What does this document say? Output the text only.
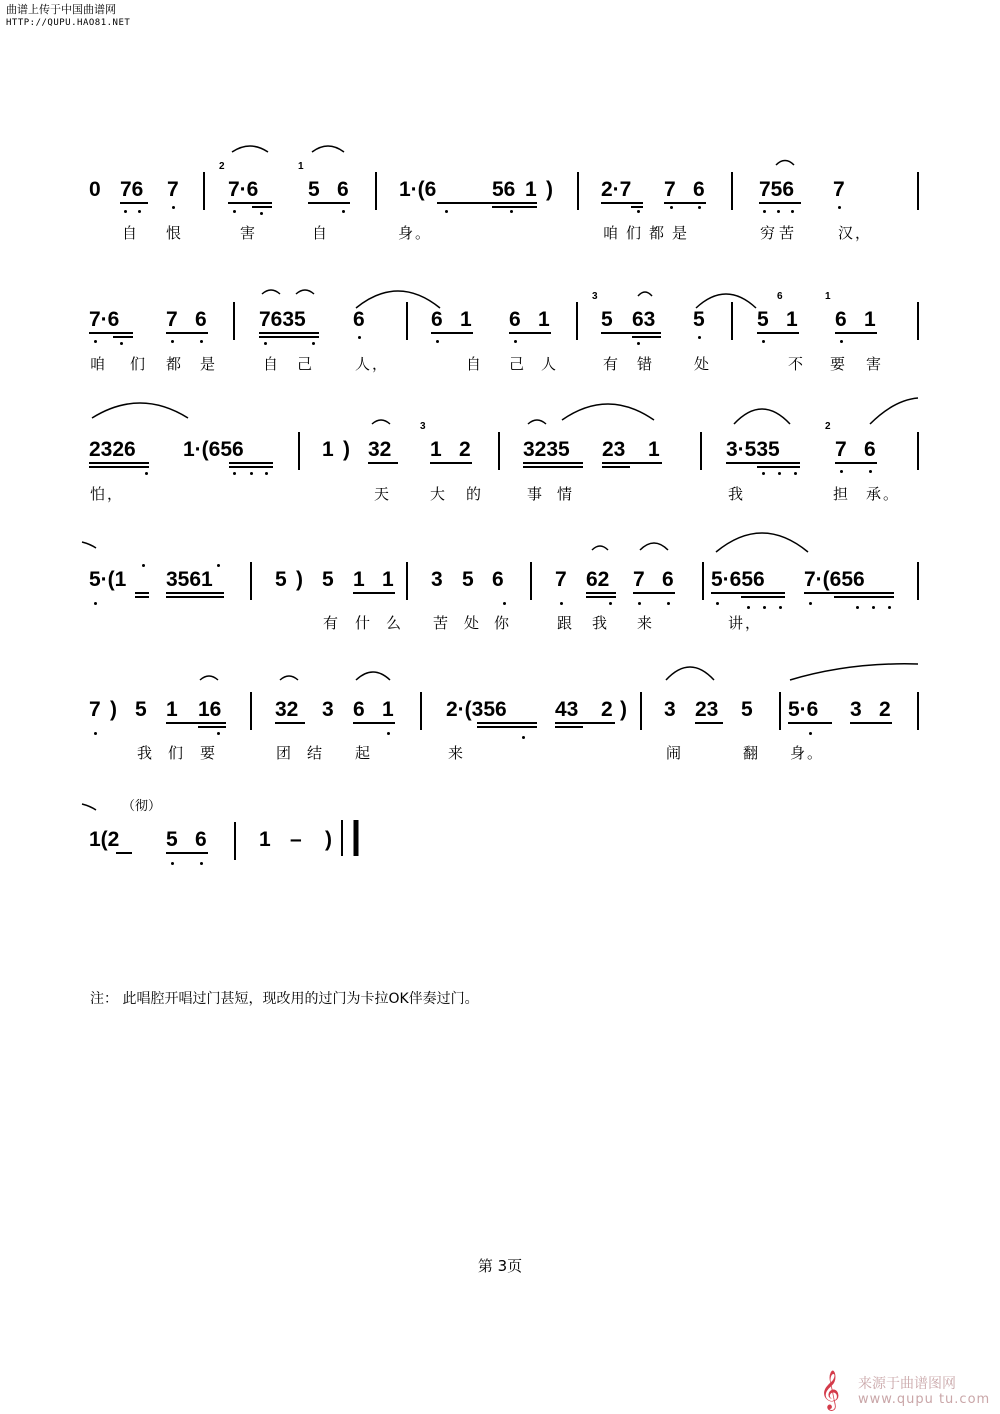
曲谱上传于中国曲谱网
HTTP://QUPU.HAO81.NET
0 76 7
2
7·6
1
5 6 1·(6	56 1 ) 2·7 7 6	756 7
自 恨	害	自	身。	咱们都是	穷苦	汉，
7·6 7 6 7635 6	6 1 6 1
3
5 63 5 5
6
1
1
6 1
咱 们 都 是	自 己	人，	自 己 人	有 错	处	不 要 害
2326 1·(656	1 ) 32
3
1 2 3235 23 1	3·535
2
7 6
怕，	天	大 的	事 情	我	担 承。
5·(1 3561	5 ) 5 1 1 3 5 6 7 62 7 6 5·656 7·(656
有 什 么 苦 处 你	跟 我 来	讲，
7 ) 5 1 16	32 3 6 1 2·(356 43 2 ) 3 23 5 5·6 3 2
我 们 要	团 结 起	来	闹	翻 身。
（彻）
1(2 5 6 1 – )
注： 此唱腔开唱过门甚短，现改用的过门为卡拉OK伴奏过门。
第 3页
𝄞 来源于曲谱图网
www.qupu tu.com
